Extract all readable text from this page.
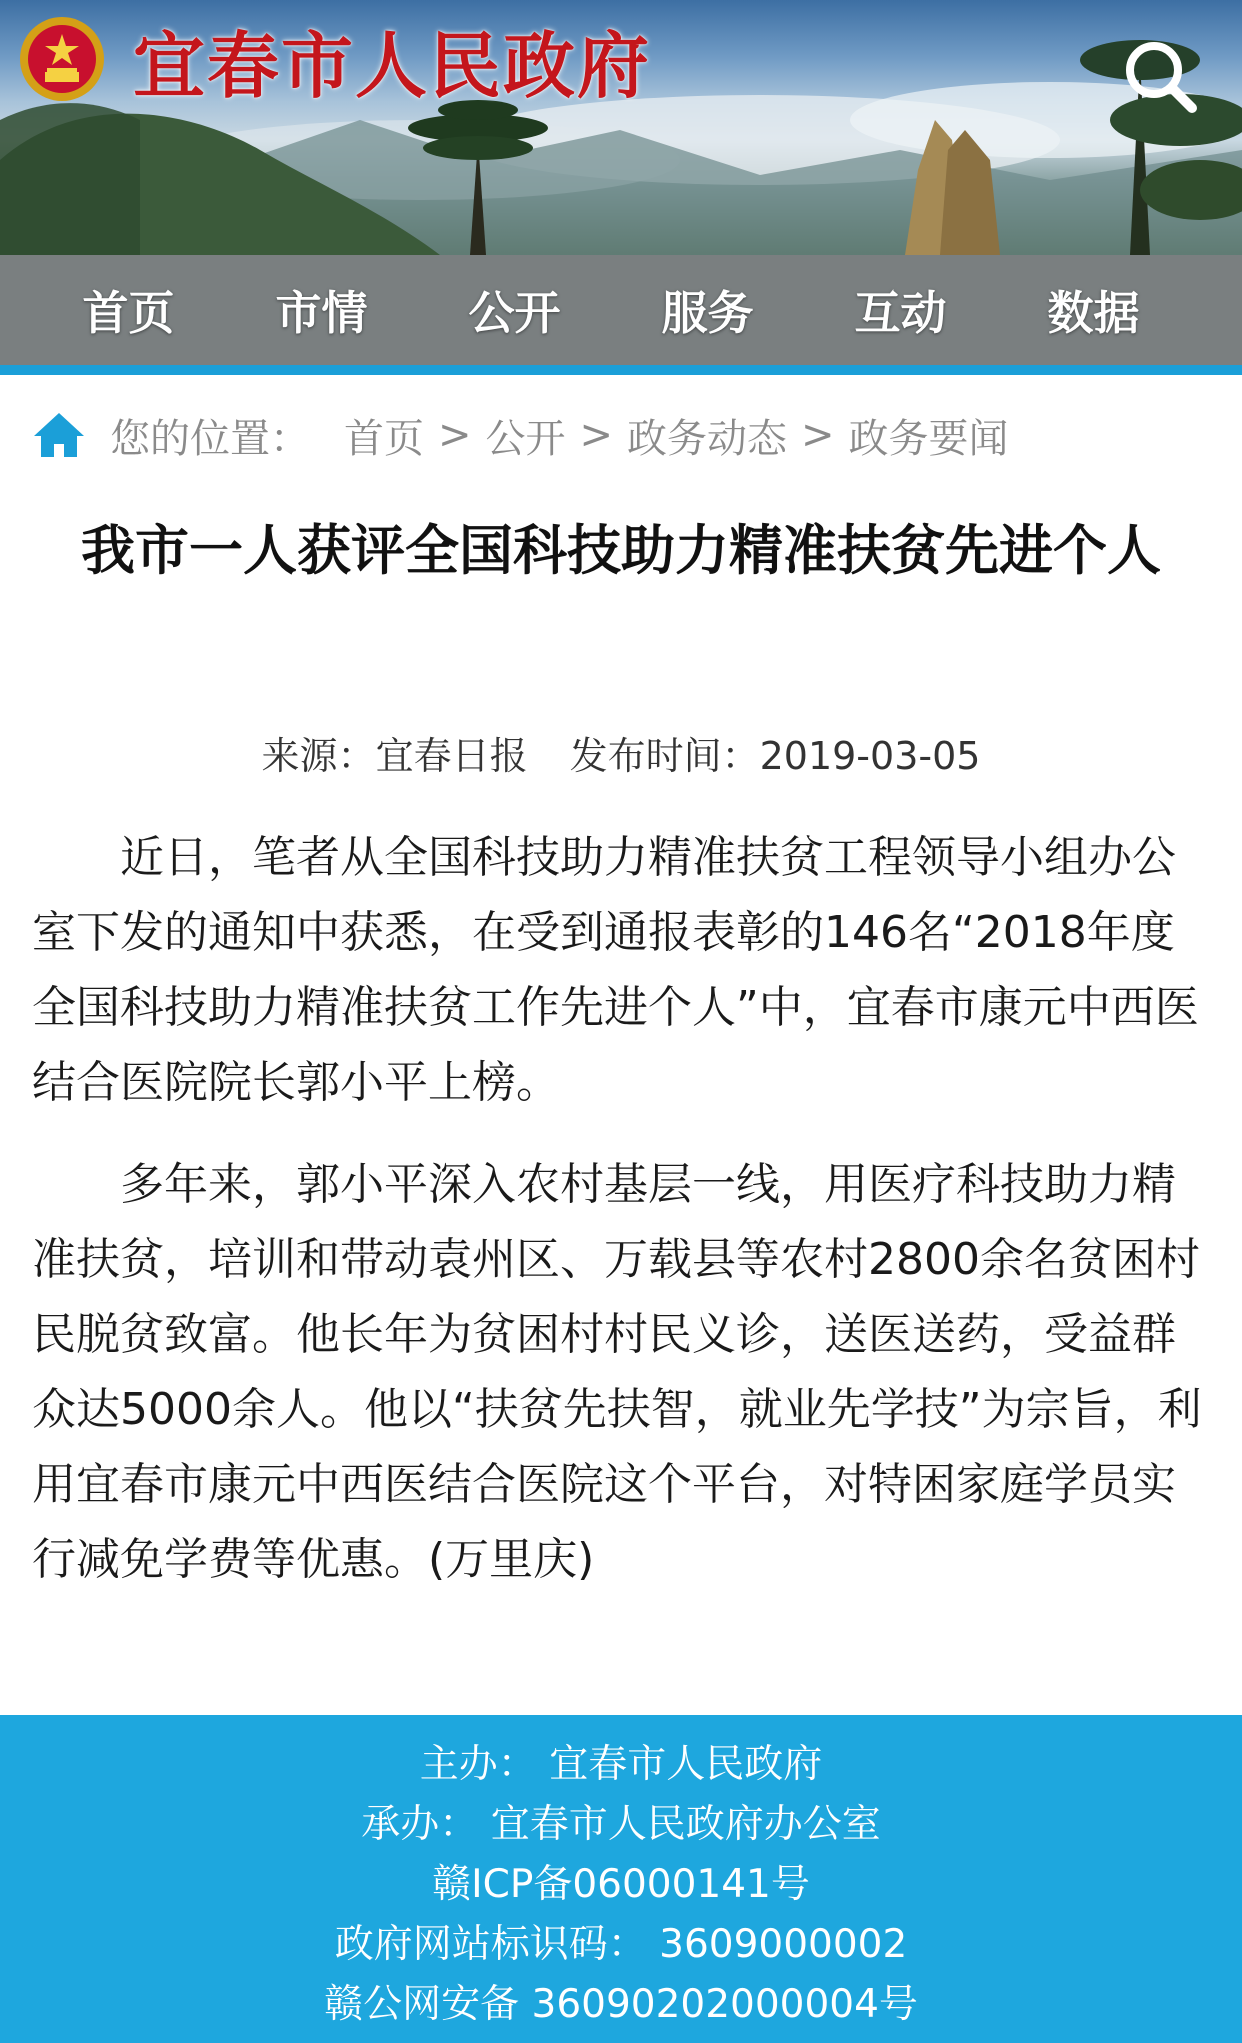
宜春市人民政府
首页	市情	公开	服务	互动	数据
您的位置： 首页 > 公开 > 政务动态 > 政务要闻
我市一人获评全国科技助力精准扶贫先进个人
来源：宜春日报 发布时间：2019-03-05

近日，笔者从全国科技助力精准扶贫工程领导小组办公室下发的通知中获悉，在受到通报表彰的146名“2018年度全国科技助力精准扶贫工作先进个人”中，宜春市康元中西医结合医院院长郭小平上榜。

多年来，郭小平深入农村基层一线，用医疗科技助力精准扶贫，培训和带动袁州区、万载县等农村2800余名贫困村民脱贫致富。他长年为贫困村村民义诊，送医送药，受益群众达5000余人。他以“扶贫先扶智，就业先学技”为宗旨，利用宜春市康元中西医结合医院这个平台，对特困家庭学员实行减免学费等优惠。(万里庆)

主办： 宜春市人民政府
承办： 宜春市人民政府办公室
赣ICP备06000141号
政府网站标识码： 3609000002
赣公网安备 36090202000004号
